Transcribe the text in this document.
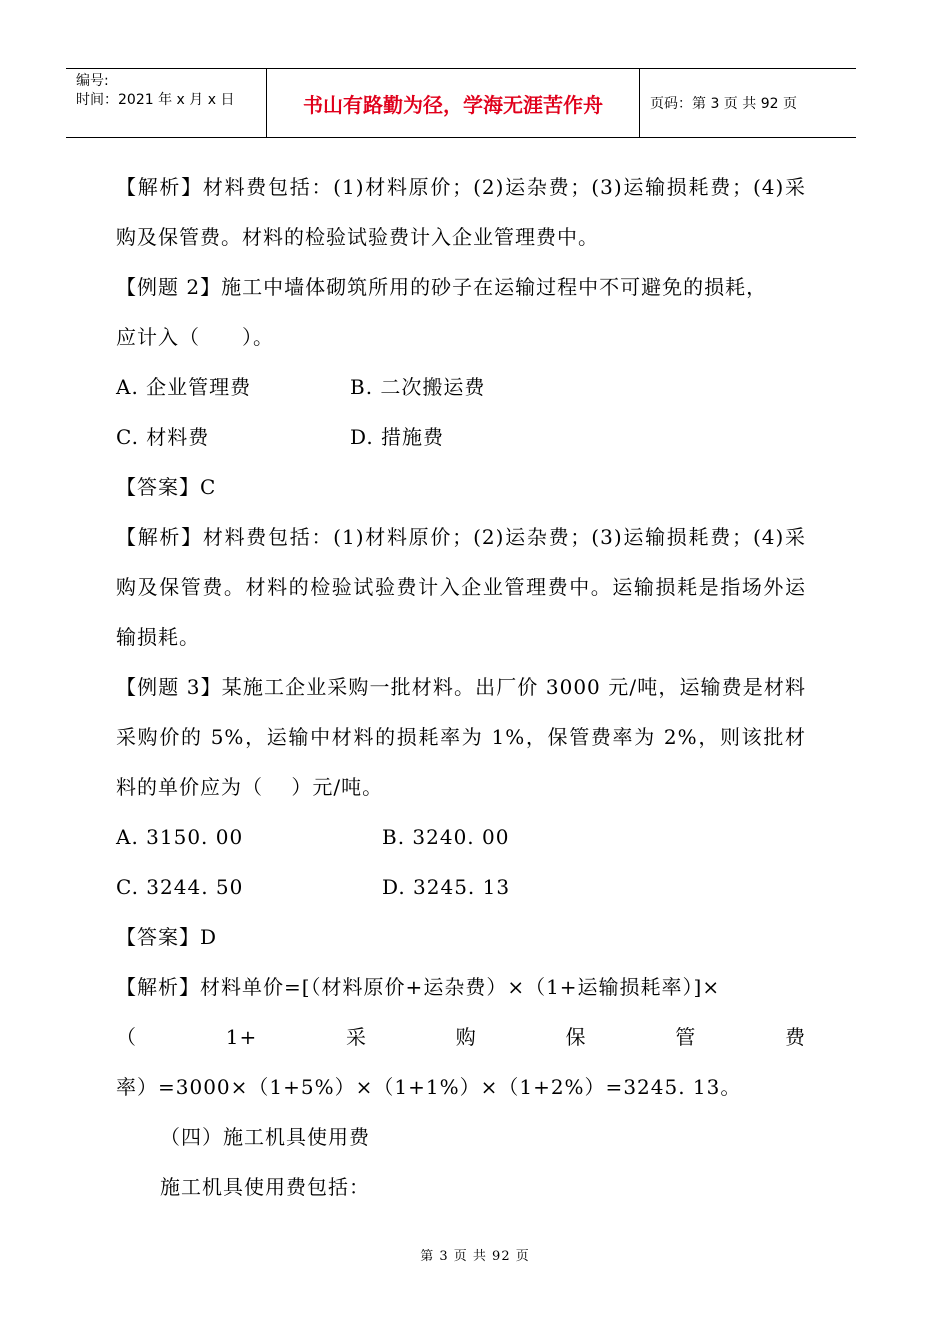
编号:
时间：2021 年 x 月 x 日	书山有路勤为径，学海无涯苦作舟	页码：第 3 页 共 92 页

【解析】材料费包括：(1)材料原价；(2)运杂费；(3)运输损耗费；(4)采购及保管费。材料的检验试验费计入企业管理费中。

【例题 2】施工中墙体砌筑所用的砂子在运输过程中不可避免的损耗，

应计入（　　）。

A. 企业管理费	B. 二次搬运费
C. 材料费	D. 措施费

【答案】C

【解析】材料费包括：(1)材料原价；(2)运杂费；(3)运输损耗费；(4)采购及保管费。材料的检验试验费计入企业管理费中。运输损耗是指场外运输损耗。

【例题 3】某施工企业采购一批材料。出厂价 3000 元/吨，运输费是材料采购价的 5%，运输中材料的损耗率为 1%，保管费率为 2%，则该批材料的单价应为（　 ）元/吨。

A. 3150. 00	B. 3240. 00
C. 3244. 50	D. 3245. 13

【答案】D

【解析】材料单价=[（材料原价+运杂费）×（1+运输损耗率）]×

（	1+	采	购	保	管	费

率）=3000×（1+5%）×（1+1%）×（1+2%）=3245. 13。

（四）施工机具使用费

施工机具使用费包括：

第 3 页 共 92 页
